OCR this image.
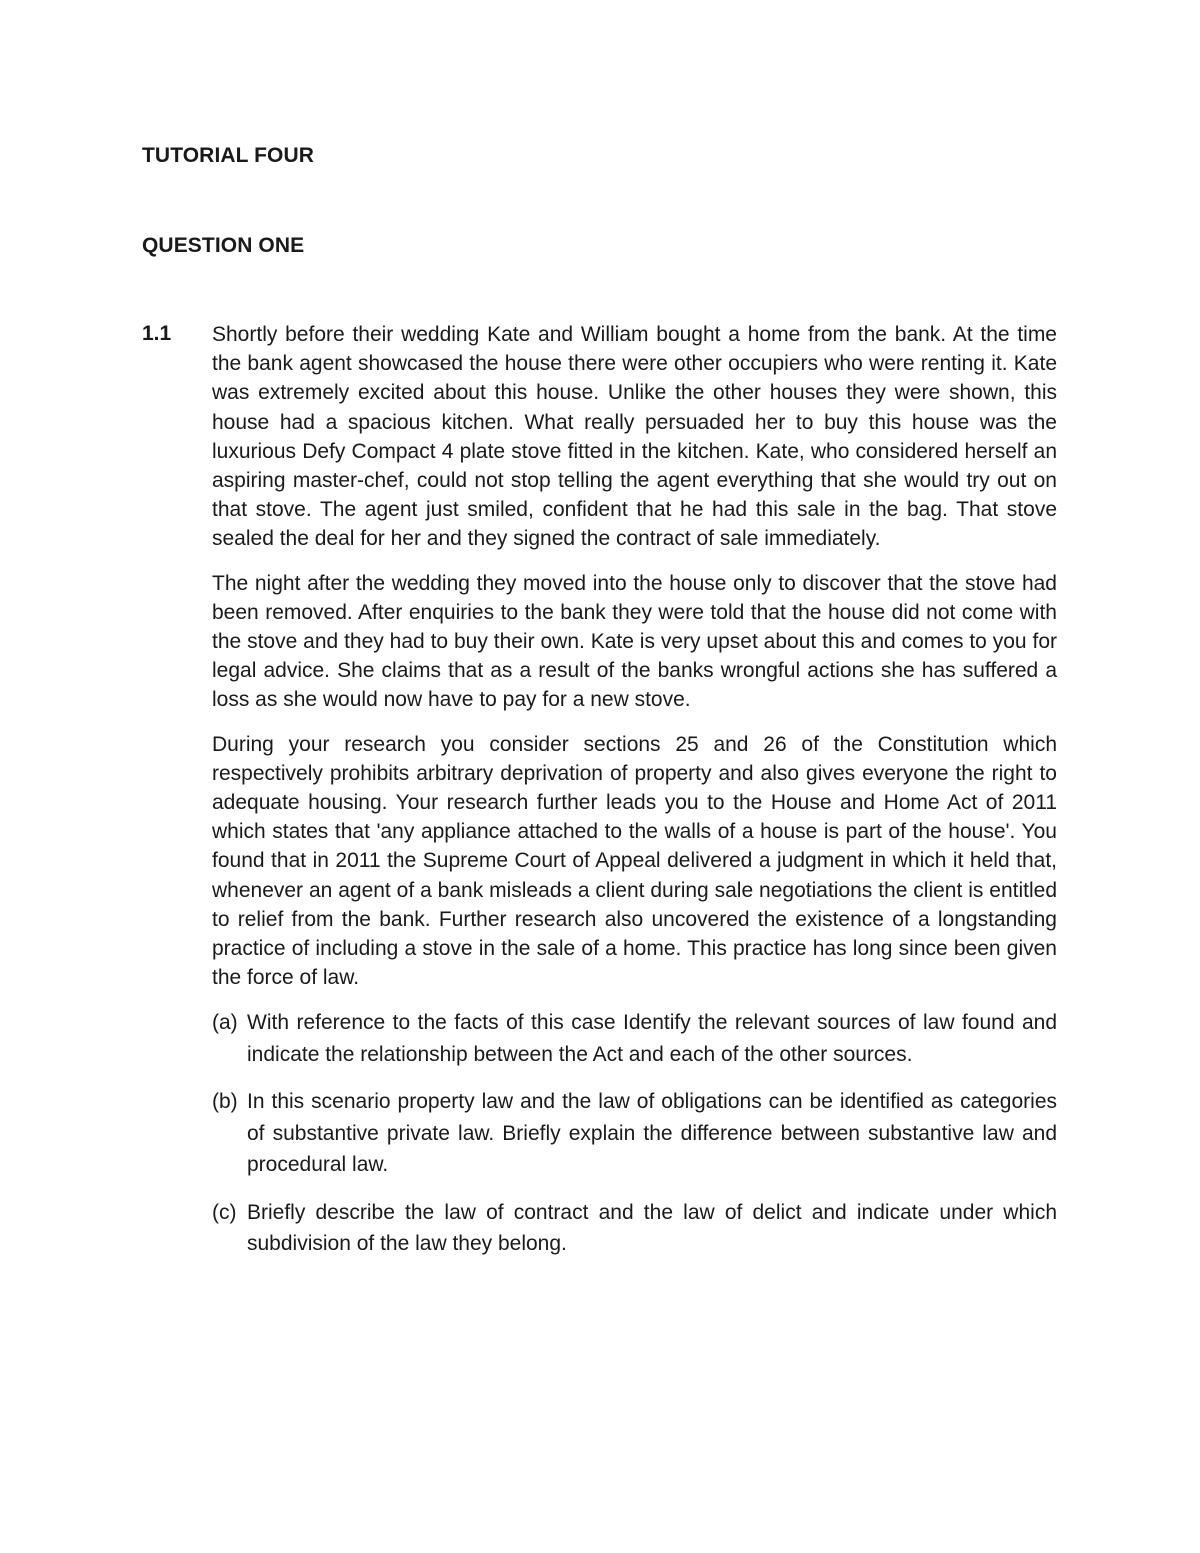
TUTORIAL FOUR
QUESTION ONE
1.1 Shortly before their wedding Kate and William bought a home from the bank. At the time the bank agent showcased the house there were other occupiers who were renting it. Kate was extremely excited about this house. Unlike the other houses they were shown, this house had a spacious kitchen. What really persuaded her to buy this house was the luxurious Defy Compact 4 plate stove fitted in the kitchen. Kate, who considered herself an aspiring master-chef, could not stop telling the agent everything that she would try out on that stove. The agent just smiled, confident that he had this sale in the bag. That stove sealed the deal for her and they signed the contract of sale immediately.

The night after the wedding they moved into the house only to discover that the stove had been removed. After enquiries to the bank they were told that the house did not come with the stove and they had to buy their own. Kate is very upset about this and comes to you for legal advice. She claims that as a result of the banks wrongful actions she has suffered a loss as she would now have to pay for a new stove.

During your research you consider sections 25 and 26 of the Constitution which respectively prohibits arbitrary deprivation of property and also gives everyone the right to adequate housing. Your research further leads you to the House and Home Act of 2011 which states that 'any appliance attached to the walls of a house is part of the house'. You found that in 2011 the Supreme Court of Appeal delivered a judgment in which it held that, whenever an agent of a bank misleads a client during sale negotiations the client is entitled to relief from the bank. Further research also uncovered the existence of a longstanding practice of including a stove in the sale of a home. This practice has long since been given the force of law.

(a) With reference to the facts of this case Identify the relevant sources of law found and indicate the relationship between the Act and each of the other sources.
(b) In this scenario property law and the law of obligations can be identified as categories of substantive private law. Briefly explain the difference between substantive law and procedural law.
(c) Briefly describe the law of contract and the law of delict and indicate under which subdivision of the law they belong.
